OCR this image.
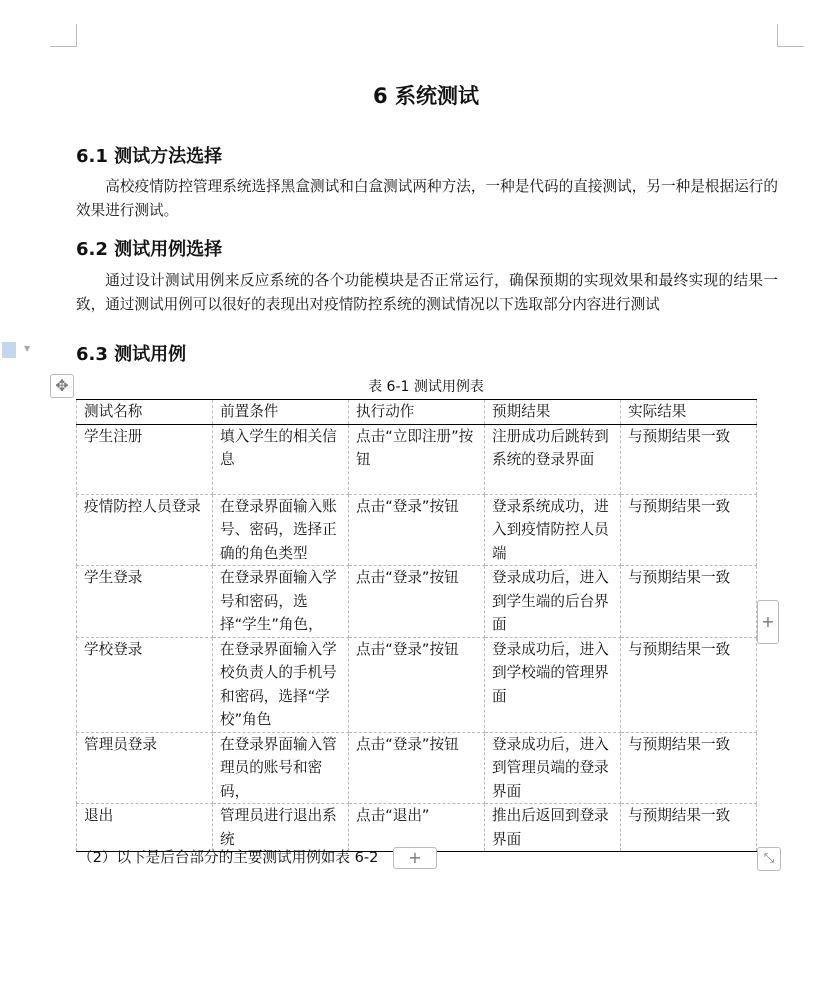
6 系统测试
6.1 测试方法选择

高校疫情防控管理系统选择黑盒测试和白盒测试两种方法，一种是代码的直接测试，另一种是根据运行的效果进行测试。

6.2 测试用例选择

通过设计测试用例来反应系统的各个功能模块是否正常运行，确保预期的实现效果和最终实现的结果一致，通过测试用例可以很好的表现出对疫情防控系统的测试情况以下选取部分内容进行测试

▼	6.3 测试用例
✥	表 6-1 测试用例表
测试名称	前置条件	执行动作	预期结果	实际结果
学生注册	填入学生的相关信息	点击“立即注册”按钮	注册成功后跳转到系统的登录界面	与预期结果一致
疫情防控人员登录	在登录界面输入账号、密码，选择正确的角色类型	点击“登录”按钮	登录系统成功，进入到疫情防控人员端	与预期结果一致
学生登录	在登录界面输入学号和密码，选择“学生”角色，	点击“登录”按钮	登录成功后，进入到学生端的后台界面	与预期结果一致
学校登录	在登录界面输入学校负责人的手机号和密码，选择“学校”角色	点击“登录”按钮	登录成功后，进入到学校端的管理界面	与预期结果一致
管理员登录	在登录界面输入管理员的账号和密码，	点击“登录”按钮	登录成功后，进入到管理员端的登录界面	与预期结果一致
退出	管理员进行退出系统	点击“退出”	推出后返回到登录界面	与预期结果一致
（2）以下是后台部分的主要测试用例如表 6-2	+
+
⤡
